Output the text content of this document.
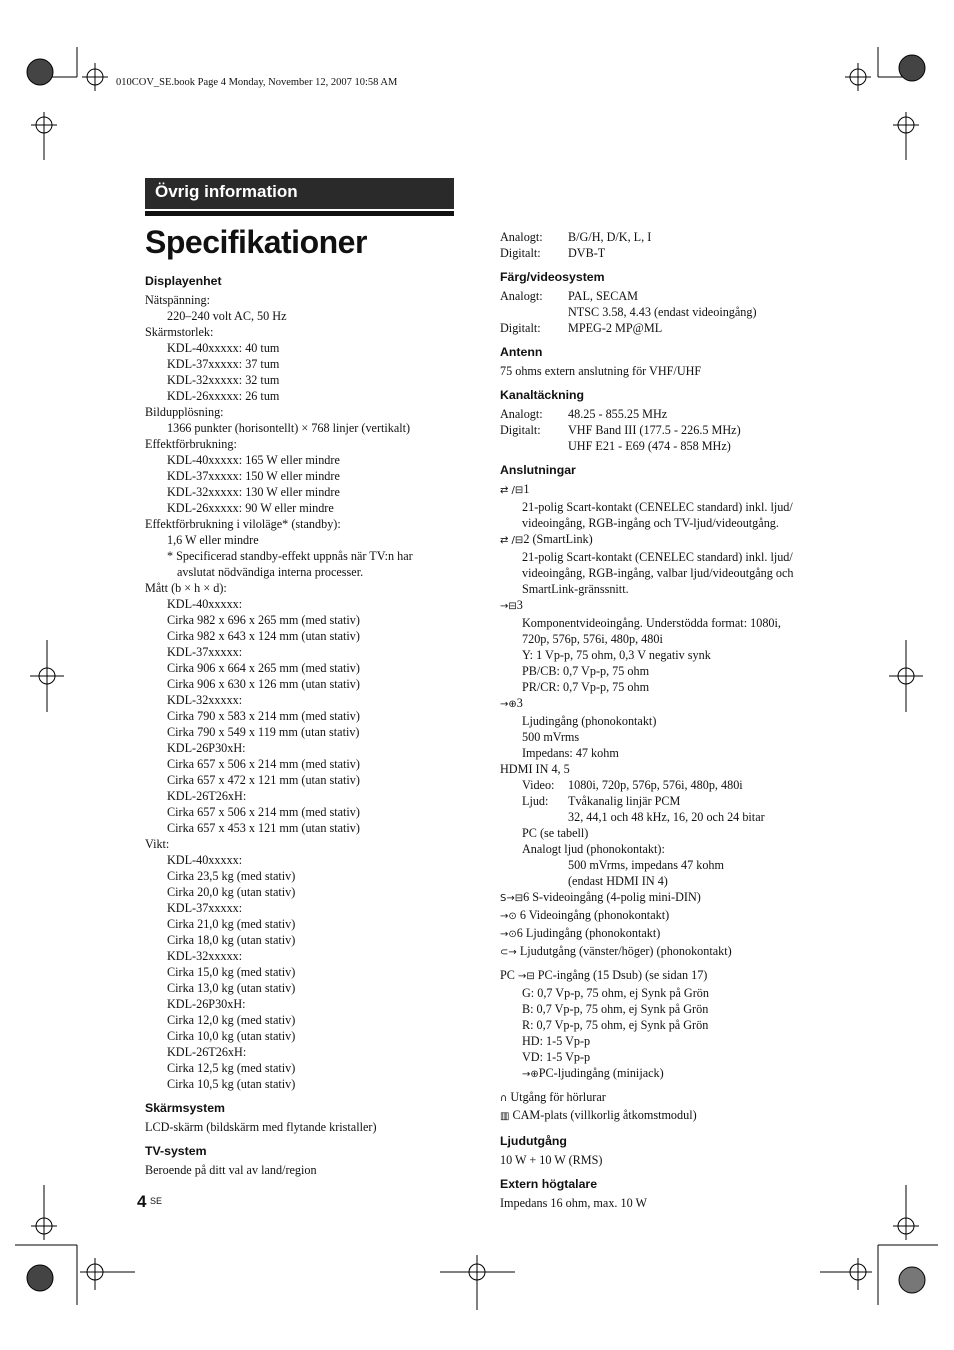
010COV_SE.book Page 4 Monday, November 12, 2007 10:58 AM
Övrig information
Specifikationer
Displayenhet
Nätspänning:
220–240 volt AC, 50 Hz
Skärmstorlek:
KDL-40xxxxx: 40 tum
KDL-37xxxxx: 37 tum
KDL-32xxxxx: 32 tum
KDL-26xxxxx: 26 tum
Bildupplösning:
1366 punkter (horisontellt) × 768 linjer (vertikalt)
Effektförbrukning:
KDL-40xxxxx: 165 W eller mindre
KDL-37xxxxx: 150 W eller mindre
KDL-32xxxxx: 130 W eller mindre
KDL-26xxxxx: 90 W eller mindre
Effektförbrukning i viloläge* (standby):
1,6 W eller mindre
* Specificerad standby-effekt uppnås när TV:n har
avslutat nödvändiga interna processer.
Mått (b × h × d):
KDL-40xxxxx:
Cirka 982 x 696 x 265 mm (med stativ)
Cirka 982 x 643 x 124 mm (utan stativ)
KDL-37xxxxx:
Cirka 906 x 664 x 265 mm (med stativ)
Cirka 906 x 630 x 126 mm (utan stativ)
KDL-32xxxxx:
Cirka 790 x 583 x 214 mm (med stativ)
Cirka 790 x 549 x 119 mm (utan stativ)
KDL-26P30xH:
Cirka 657 x 506 x 214 mm (med stativ)
Cirka 657 x 472 x 121 mm (utan stativ)
KDL-26T26xH:
Cirka 657 x 506 x 214 mm (med stativ)
Cirka 657 x 453 x 121 mm (utan stativ)
Vikt:
KDL-40xxxxx:
Cirka 23,5 kg (med stativ)
Cirka 20,0 kg (utan stativ)
KDL-37xxxxx:
Cirka 21,0 kg (med stativ)
Cirka 18,0 kg (utan stativ)
KDL-32xxxxx:
Cirka 15,0 kg (med stativ)
Cirka 13,0 kg (utan stativ)
KDL-26P30xH:
Cirka 12,0 kg (med stativ)
Cirka 10,0 kg (utan stativ)
KDL-26T26xH:
Cirka 12,5 kg (med stativ)
Cirka 10,5 kg (utan stativ)
Skärmsystem
LCD-skärm (bildskärm med flytande kristaller)
TV-system
Beroende på ditt val av land/region
Analogt:	B/G/H, D/K, L, I
Digitalt:	DVB-T
Färg/videosystem
Analogt:	PAL, SECAM
NTSC 3.58, 4.43 (endast videoingång)
Digitalt:	MPEG-2 MP@ML
Antenn
75 ohms extern anslutning för VHF/UHF
Kanaltäckning
Analogt:	48.25 - 855.25 MHz
Digitalt:	VHF Band III (177.5 - 226.5 MHz)
UHF E21 - E69 (474 - 858 MHz)
Anslutningar
⇄ /⊟1
21-polig Scart-kontakt (CENELEC standard) inkl. ljud/
videoingång, RGB-ingång och TV-ljud/videoutgång.
⇄ /⊟2 (SmartLink)
21-polig Scart-kontakt (CENELEC standard) inkl. ljud/
videoingång, RGB-ingång, valbar ljud/videoutgång och
SmartLink-gränssnitt.
→⊟3
Komponentvideoingång. Understödda format: 1080i,
720p, 576p, 576i, 480p, 480i
Y: 1 Vp-p, 75 ohm, 0,3 V negativ synk
PB/CB: 0,7 Vp-p, 75 ohm
PR/CR: 0,7 Vp-p, 75 ohm
→⊕3
Ljudingång (phonokontakt)
500 mVrms
Impedans: 47 kohm
HDMI IN 4, 5
Video:	1080i, 720p, 576p, 576i, 480p, 480i
Ljud:	Tvåkanalig linjär PCM
32, 44,1 och 48 kHz, 16, 20 och 24 bitar
PC (se tabell)
Analogt ljud (phonokontakt):
500 mVrms, impedans 47 kohm
(endast HDMI IN 4)
S→⊟6 S-videoingång (4-polig mini-DIN)
→⊙ 6 Videoingång (phonokontakt)
→⊙6 Ljudingång (phonokontakt)
⊂→ Ljudutgång (vänster/höger) (phonokontakt)
PC →⊟ PC-ingång (15 Dsub) (se sidan 17)
G: 0,7 Vp-p, 75 ohm, ej Synk på Grön
B: 0,7 Vp-p, 75 ohm, ej Synk på Grön
R: 0,7 Vp-p, 75 ohm, ej Synk på Grön
HD: 1-5 Vp-p
VD: 1-5 Vp-p
→⊕PC-ljudingång (minijack)
∩ Utgång för hörlurar
▥ CAM-plats (villkorlig åtkomstmodul)
Ljudutgång
10 W + 10 W (RMS)
Extern högtalare
Impedans 16 ohm, max. 10 W
4 SE
